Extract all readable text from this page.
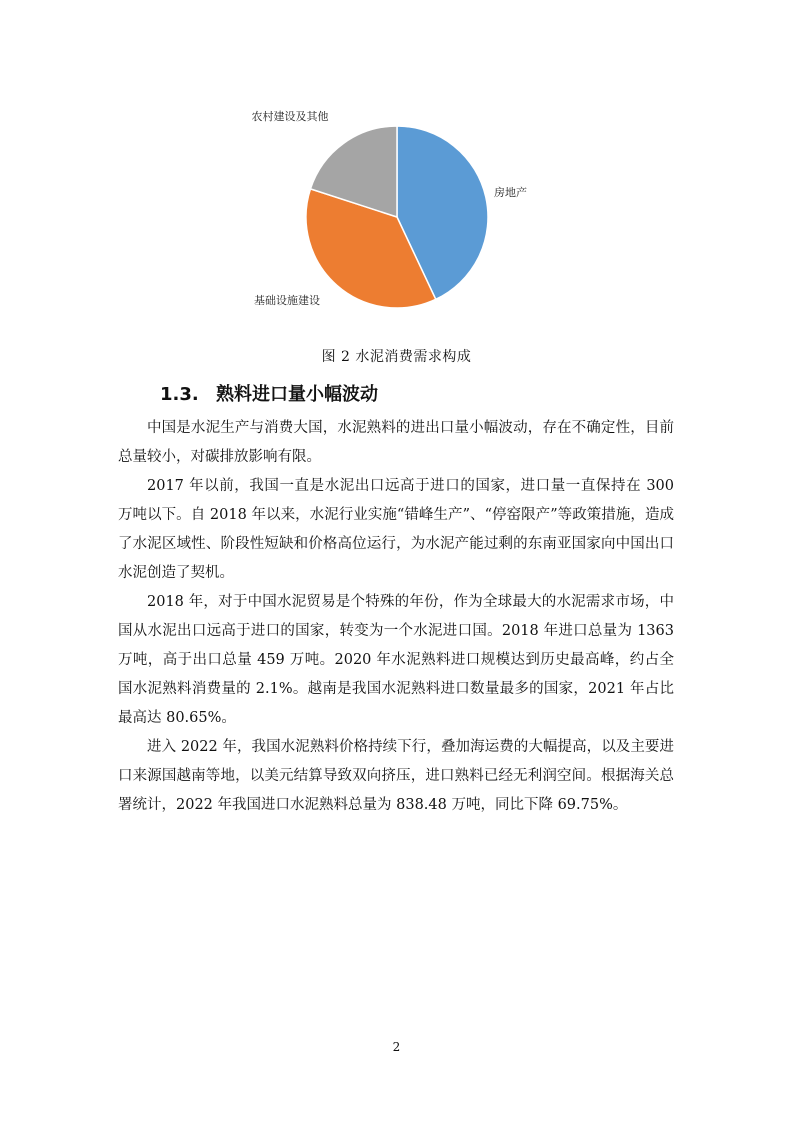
农村建设及其他
房地产
基础设施建设
图 2 水泥消费需求构成
1.3. 熟料进口量小幅波动

中国是水泥生产与消费大国，水泥熟料的进出口量小幅波动，存在不确定性，目前总量较小，对碳排放影响有限。

2017 年以前，我国一直是水泥出口远高于进口的国家，进口量一直保持在 300 万吨以下。自 2018 年以来，水泥行业实施“错峰生产”、“停窑限产”等政策措施，造成了水泥区域性、阶段性短缺和价格高位运行，为水泥产能过剩的东南亚国家向中国出口水泥创造了契机。

2018 年，对于中国水泥贸易是个特殊的年份，作为全球最大的水泥需求市场，中国从水泥出口远高于进口的国家，转变为一个水泥进口国。2018 年进口总量为 1363 万吨，高于出口总量 459 万吨。2020 年水泥熟料进口规模达到历史最高峰，约占全国水泥熟料消费量的 2.1%。越南是我国水泥熟料进口数量最多的国家，2021 年占比最高达 80.65%。

进入 2022 年，我国水泥熟料价格持续下行，叠加海运费的大幅提高，以及主要进口来源国越南等地，以美元结算导致双向挤压，进口熟料已经无利润空间。根据海关总署统计，2022 年我国进口水泥熟料总量为 838.48 万吨，同比下降 69.75%。

2
